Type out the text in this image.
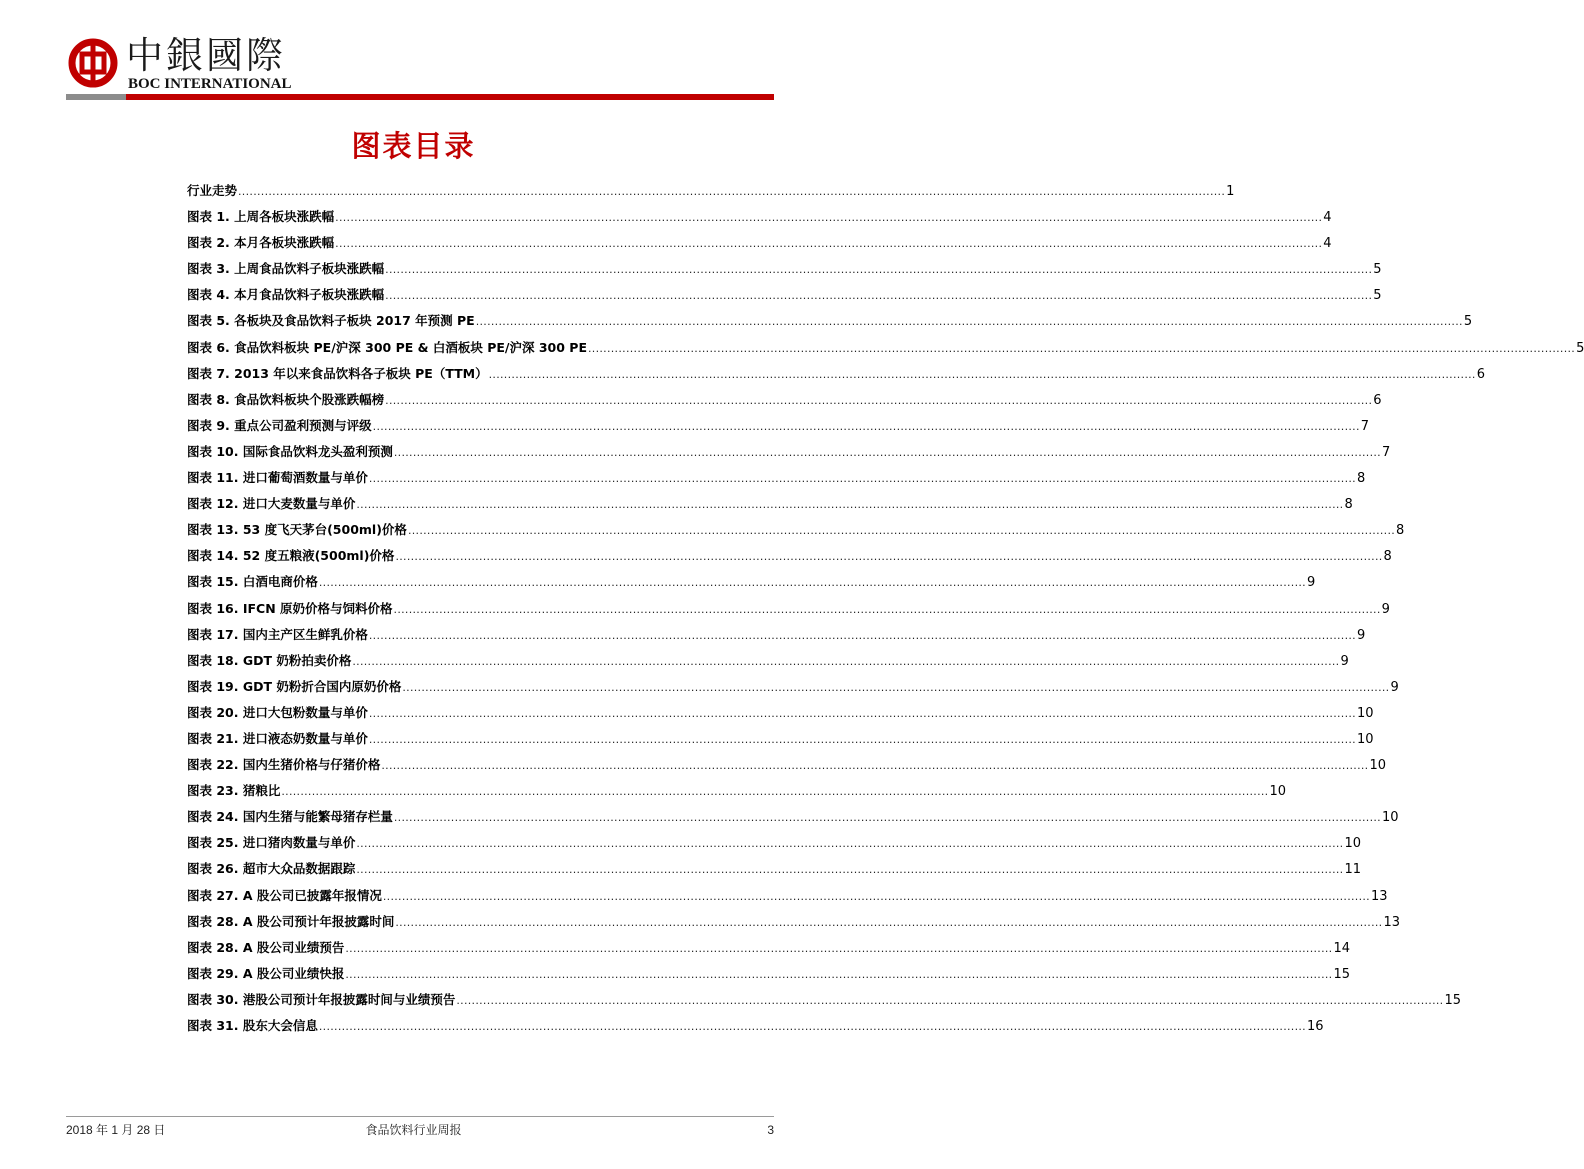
中銀國際
BOC INTERNATIONAL
图表目录
行业走势 .................................................................................................................................................................................................................................................................... 1
图表 1. 上周各板块涨跌幅 .................................................................................................................................................................................................................................................................... 4
图表 2. 本月各板块涨跌幅 .................................................................................................................................................................................................................................................................... 4
图表 3. 上周食品饮料子板块涨跌幅 .................................................................................................................................................................................................................................................................... 5
图表 4. 本月食品饮料子板块涨跌幅 .................................................................................................................................................................................................................................................................... 5
图表 5. 各板块及食品饮料子板块 2017 年预测 PE .................................................................................................................................................................................................................................................................... 5
图表 6. 食品饮料板块 PE/沪深 300 PE & 白酒板块 PE/沪深 300 PE .................................................................................................................................................................................................................................................................... 5
图表 7. 2013 年以来食品饮料各子板块 PE（TTM） .................................................................................................................................................................................................................................................................... 6
图表 8. 食品饮料板块个股涨跌幅榜 .................................................................................................................................................................................................................................................................... 6
图表 9. 重点公司盈利预测与评级 .................................................................................................................................................................................................................................................................... 7
图表 10. 国际食品饮料龙头盈利预测 .................................................................................................................................................................................................................................................................... 7
图表 11. 进口葡萄酒数量与单价 .................................................................................................................................................................................................................................................................... 8
图表 12. 进口大麦数量与单价 .................................................................................................................................................................................................................................................................... 8
图表 13. 53 度飞天茅台(500ml)价格 .................................................................................................................................................................................................................................................................... 8
图表 14. 52 度五粮液(500ml)价格 .................................................................................................................................................................................................................................................................... 8
图表 15. 白酒电商价格 .................................................................................................................................................................................................................................................................... 9
图表 16. IFCN 原奶价格与饲料价格 .................................................................................................................................................................................................................................................................... 9
图表 17. 国内主产区生鲜乳价格 .................................................................................................................................................................................................................................................................... 9
图表 18. GDT 奶粉拍卖价格 .................................................................................................................................................................................................................................................................... 9
图表 19. GDT 奶粉折合国内原奶价格 .................................................................................................................................................................................................................................................................... 9
图表 20. 进口大包粉数量与单价 .................................................................................................................................................................................................................................................................... 10
图表 21. 进口液态奶数量与单价 .................................................................................................................................................................................................................................................................... 10
图表 22. 国内生猪价格与仔猪价格 .................................................................................................................................................................................................................................................................... 10
图表 23. 猪粮比 .................................................................................................................................................................................................................................................................... 10
图表 24. 国内生猪与能繁母猪存栏量 .................................................................................................................................................................................................................................................................... 10
图表 25. 进口猪肉数量与单价 .................................................................................................................................................................................................................................................................... 10
图表 26. 超市大众品数据跟踪 .................................................................................................................................................................................................................................................................... 11
图表 27. A 股公司已披露年报情况 .................................................................................................................................................................................................................................................................... 13
图表 28. A 股公司预计年报披露时间 .................................................................................................................................................................................................................................................................... 13
图表 28. A 股公司业绩预告 .................................................................................................................................................................................................................................................................... 14
图表 29. A 股公司业绩快报 .................................................................................................................................................................................................................................................................... 15
图表 30. 港股公司预计年报披露时间与业绩预告 .................................................................................................................................................................................................................................................................... 15
图表 31. 股东大会信息 .................................................................................................................................................................................................................................................................... 16
2018 年 1 月 28 日	食品饮料行业周报	3
